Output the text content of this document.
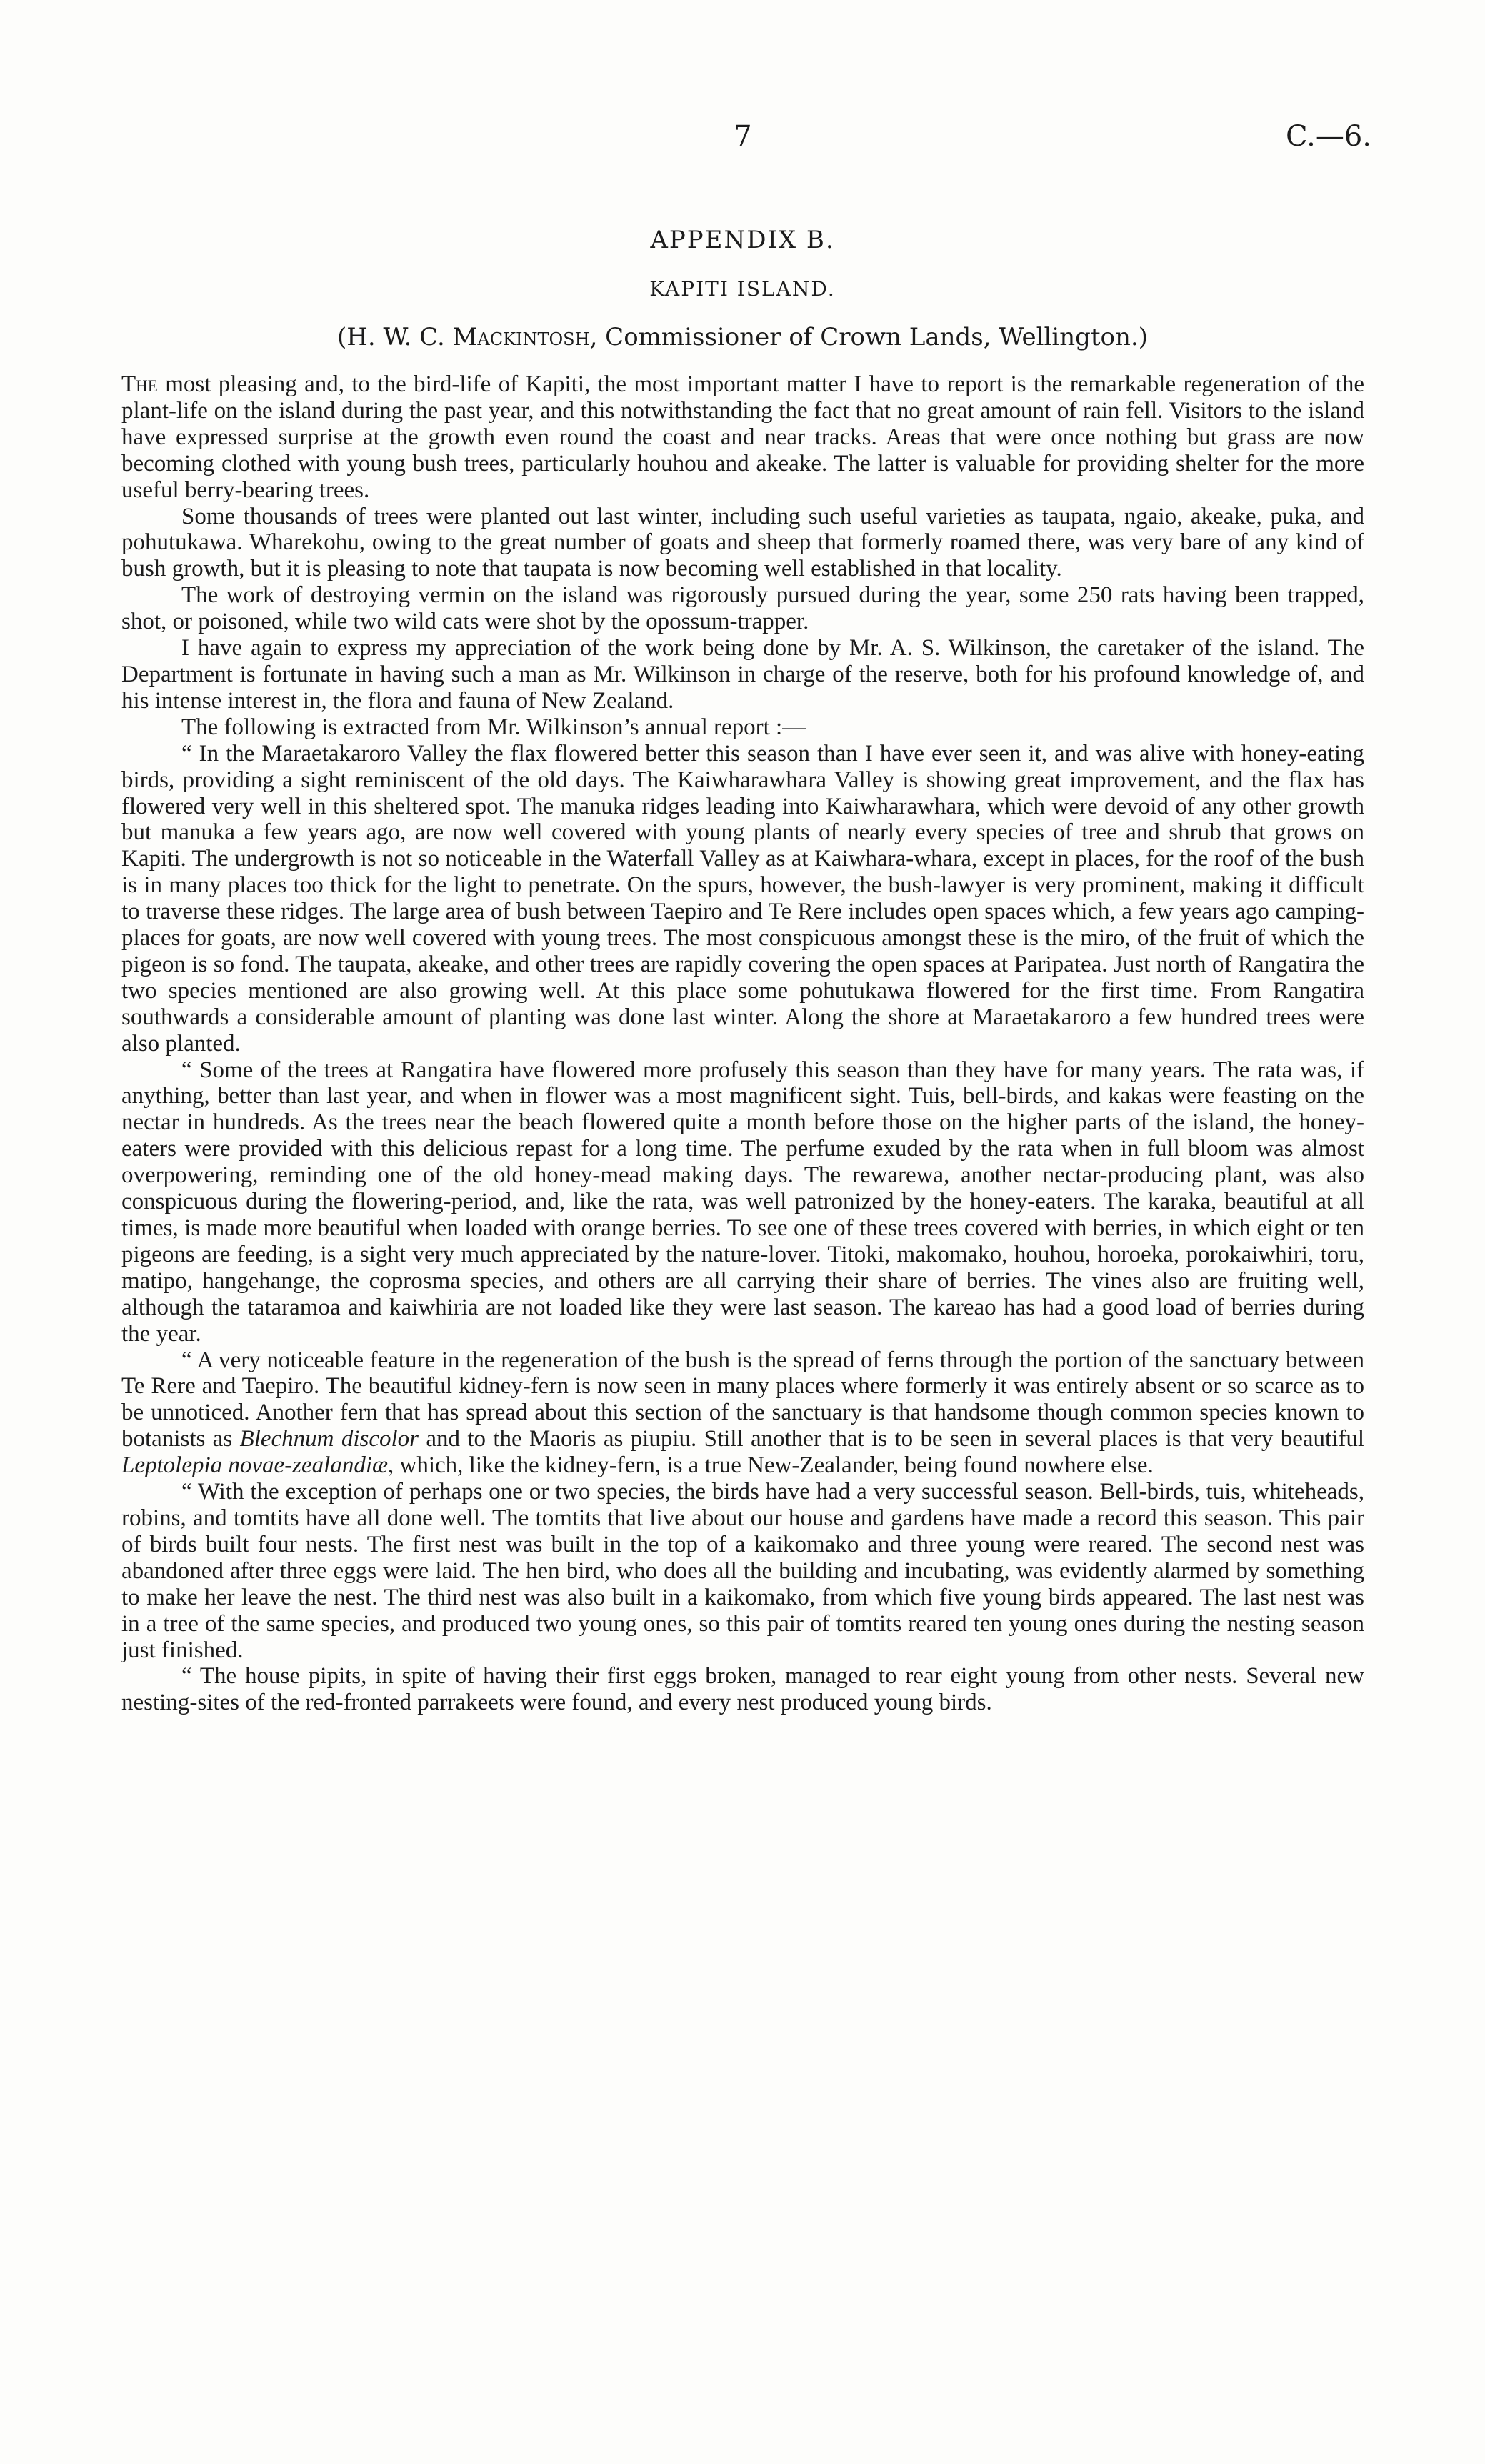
7	C.—6.
APPENDIX B.
KAPITI ISLAND.
(H. W. C. Mackintosh, Commissioner of Crown Lands, Wellington.)

The most pleasing and, to the bird-life of Kapiti, the most important matter I have to report is the remarkable regeneration of the plant-life on the island during the past year, and this notwithstanding the fact that no great amount of rain fell. Visitors to the island have expressed surprise at the growth even round the coast and near tracks. Areas that were once nothing but grass are now becoming clothed with young bush trees, particularly houhou and akeake. The latter is valuable for providing shelter for the more useful berry-bearing trees.

Some thousands of trees were planted out last winter, including such useful varieties as taupata, ngaio, akeake, puka, and pohutukawa. Wharekohu, owing to the great number of goats and sheep that formerly roamed there, was very bare of any kind of bush growth, but it is pleasing to note that taupata is now becoming well established in that locality.

The work of destroying vermin on the island was rigorously pursued during the year, some 250 rats having been trapped, shot, or poisoned, while two wild cats were shot by the opossum-trapper.

I have again to express my appreciation of the work being done by Mr. A. S. Wilkinson, the caretaker of the island. The Department is fortunate in having such a man as Mr. Wilkinson in charge of the reserve, both for his profound knowledge of, and his intense interest in, the flora and fauna of New Zealand.

The following is extracted from Mr. Wilkinson’s annual report :—

“ In the Maraetakaroro Valley the flax flowered better this season than I have ever seen it, and was alive with honey-eating birds, providing a sight reminiscent of the old days. The Kaiwharawhara Valley is showing great improvement, and the flax has flowered very well in this sheltered spot. The manuka ridges leading into Kaiwharawhara, which were devoid of any other growth but manuka a few years ago, are now well covered with young plants of nearly every species of tree and shrub that grows on Kapiti. The undergrowth is not so noticeable in the Waterfall Valley as at Kaiwhara-whara, except in places, for the roof of the bush is in many places too thick for the light to penetrate. On the spurs, however, the bush-lawyer is very prominent, making it difficult to traverse these ridges. The large area of bush between Taepiro and Te Rere includes open spaces which, a few years ago camping-places for goats, are now well covered with young trees. The most conspicuous amongst these is the miro, of the fruit of which the pigeon is so fond. The taupata, akeake, and other trees are rapidly covering the open spaces at Paripatea. Just north of Rangatira the two species mentioned are also growing well. At this place some pohutukawa flowered for the first time. From Rangatira southwards a considerable amount of planting was done last winter. Along the shore at Maraetakaroro a few hundred trees were also planted.

“ Some of the trees at Rangatira have flowered more profusely this season than they have for many years. The rata was, if anything, better than last year, and when in flower was a most magnificent sight. Tuis, bell-birds, and kakas were feasting on the nectar in hundreds. As the trees near the beach flowered quite a month before those on the higher parts of the island, the honey-eaters were provided with this delicious repast for a long time. The perfume exuded by the rata when in full bloom was almost overpowering, reminding one of the old honey-mead making days. The rewarewa, another nectar-producing plant, was also conspicuous during the flowering-period, and, like the rata, was well patronized by the honey-eaters. The karaka, beautiful at all times, is made more beautiful when loaded with orange berries. To see one of these trees covered with berries, in which eight or ten pigeons are feeding, is a sight very much appreciated by the nature-lover. Titoki, makomako, houhou, horoeka, porokaiwhiri, toru, matipo, hangehange, the coprosma species, and others are all carrying their share of berries. The vines also are fruiting well, although the tataramoa and kaiwhiria are not loaded like they were last season. The kareao has had a good load of berries during the year.

“ A very noticeable feature in the regeneration of the bush is the spread of ferns through the portion of the sanctuary between Te Rere and Taepiro. The beautiful kidney-fern is now seen in many places where formerly it was entirely absent or so scarce as to be unnoticed. Another fern that has spread about this section of the sanctuary is that handsome though common species known to botanists as Blechnum discolor and to the Maoris as piupiu. Still another that is to be seen in several places is that very beautiful Leptolepia novae-zealandiæ, which, like the kidney-fern, is a true New-Zealander, being found nowhere else.

“ With the exception of perhaps one or two species, the birds have had a very successful season. Bell-birds, tuis, whiteheads, robins, and tomtits have all done well. The tomtits that live about our house and gardens have made a record this season. This pair of birds built four nests. The first nest was built in the top of a kaikomako and three young were reared. The second nest was abandoned after three eggs were laid. The hen bird, who does all the building and incubating, was evidently alarmed by something to make her leave the nest. The third nest was also built in a kaikomako, from which five young birds appeared. The last nest was in a tree of the same species, and produced two young ones, so this pair of tomtits reared ten young ones during the nesting season just finished.

“ The house pipits, in spite of having their first eggs broken, managed to rear eight young from other nests. Several new nesting-sites of the red-fronted parrakeets were found, and every nest produced young birds.
